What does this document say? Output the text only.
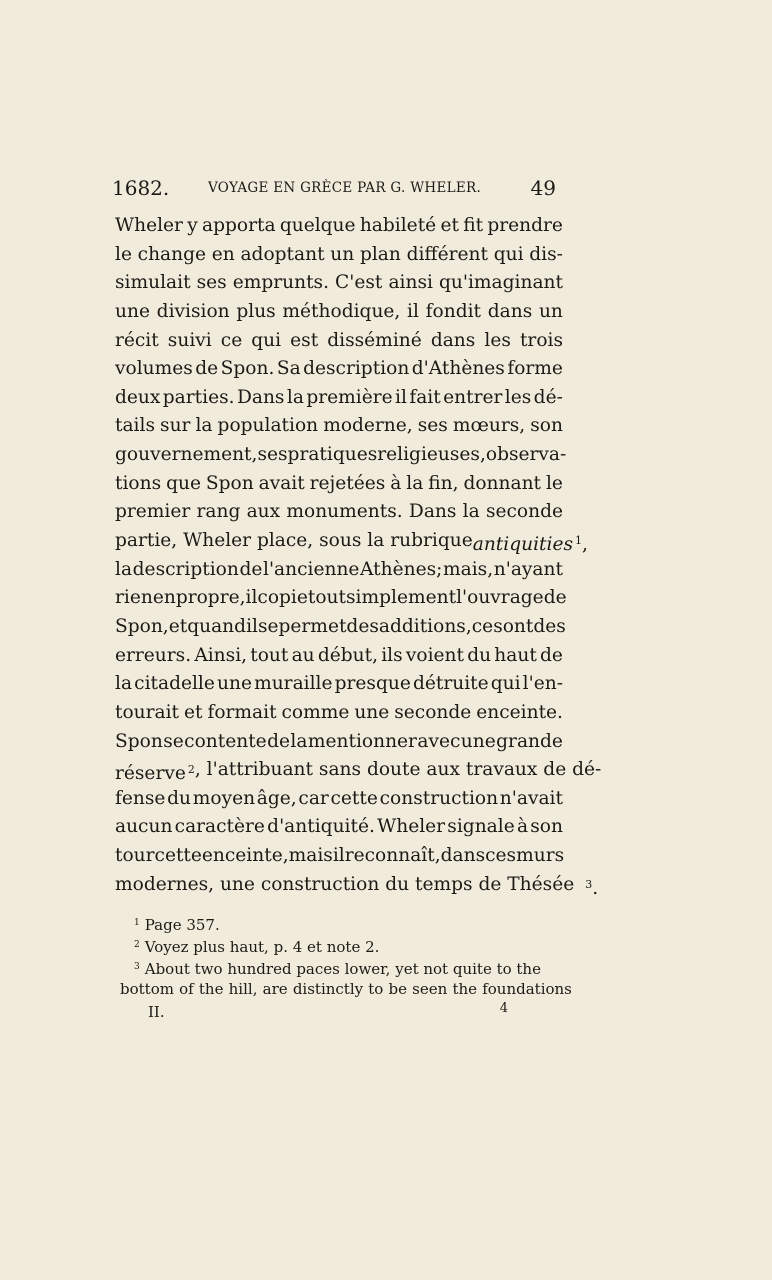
1682.	VOYAGE EN GRÈCE PAR G. WHELER. 49
Wheler y apporta quelque habileté et fit prendre
le change en adoptant un plan différent qui dis-
simulait ses emprunts. C'est ainsi qu'imaginant
une division plus méthodique, il fondit dans un
récit suivi ce qui est disséminé dans les trois
volumes de Spon. Sa description d'Athènes forme
deux parties. Dans la première il fait entrer les dé-
tails sur la population moderne, ses mœurs, son
gouvernement, ses pratiques religieuses, observa-
tions que Spon avait rejetées à la fin, donnant le
premier rang aux monuments. Dans la seconde
partie, Wheler place, sous la rubrique antiquities $^1$,
la description de l'ancienne Athènes; mais, n'ayant
rien en propre, il copie tout simplement l'ouvrage de
Spon, et quand il se permet des additions, ce sont des
erreurs. Ainsi, tout au début, ils voient du haut de
la citadelle une muraille presque détruite qui l'en-
tourait et formait comme une seconde enceinte.
Spon se contente de la mentionner avec une grande
réserve $^2$ , l'attribuant sans doute aux travaux de dé-
fense du moyen âge, car cette construction n'avait
aucun caractère d'antiquité. Wheler signale à son
tour cette enceinte, mais il reconnaît, dans ces murs
modernes, une construction du temps de Thésée $^3$.
$^1$ Page 357.
$^2$ Voyez plus haut, p. 4 et note 2.
$^3$ About two hundred paces lower, yet not quite to the
bottom of the hill, are distinctly to be seen the foundations
II.	4
